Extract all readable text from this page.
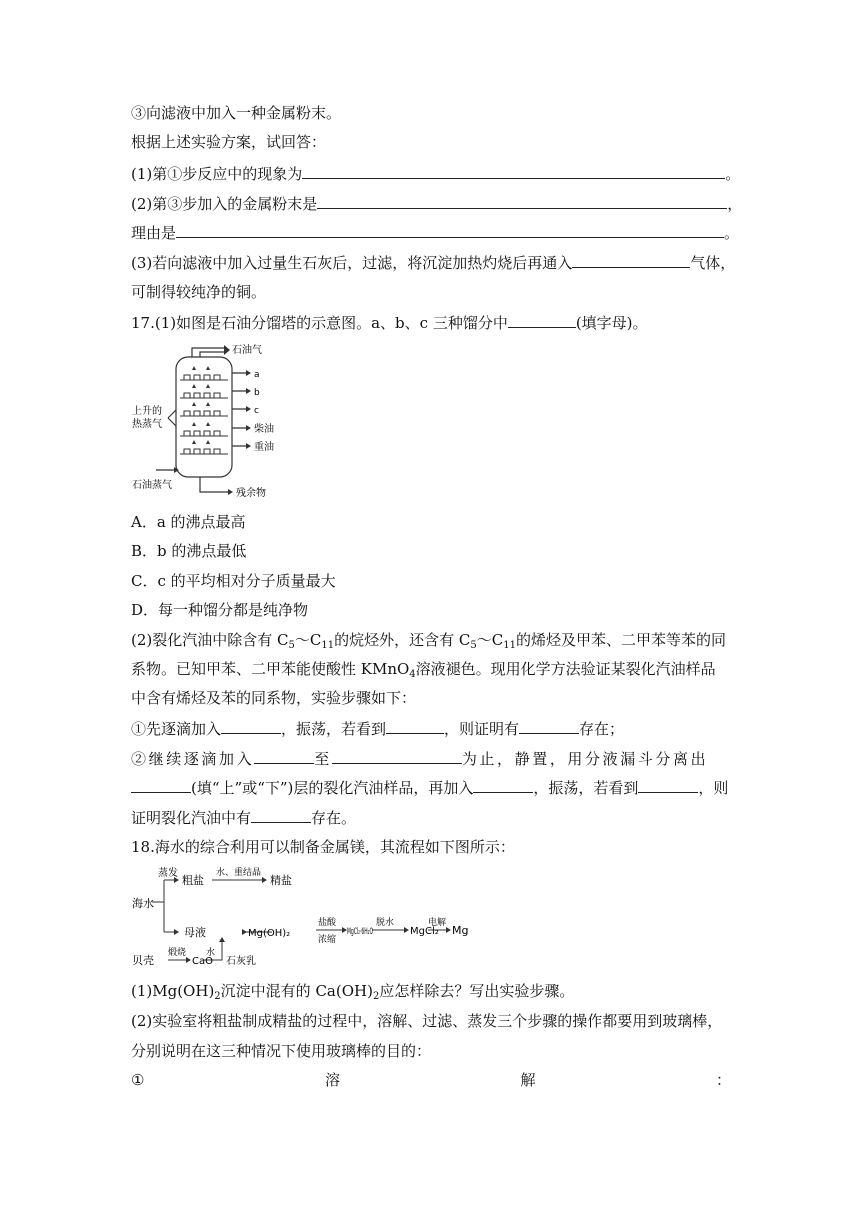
③向滤液中加入一种金属粉末。
根据上述实验方案，试回答：
(1)第①步反应中的现象为	。
(2)第③步加入的金属粉末是	，
理由是	。
(3)若向滤液中加入过量生石灰后，过滤，将沉淀加热灼烧后再通入	气体，
可制得较纯净的铜。
17.(1)如图是石油分馏塔的示意图。a、b、c 三种馏分中	(填字母)。
石油气
a
b
c
柴油
重油
上升的
热蒸气
石油蒸气
残余物
A．a 的沸点最高
B．b 的沸点最低
C．c 的平均相对分子质量最大
D．每一种馏分都是纯净物
(2)裂化汽油中除含有 $C_5\sim C_{11}$的烷烃外，还含有 $C_5\sim C_{11}$的烯烃及甲苯、二甲苯等苯的同
系物。已知甲苯、二甲苯能使酸性 KMnO$_4$溶液褪色。现用化学方法验证某裂化汽油样品
中含有烯烃及苯的同系物，实验步骤如下：
①先逐滴加入	，振荡，若看到	，则证明有	存在；
②继续逐滴加入	至	为止，静置，用分液漏斗分离出
(填“上”或“下”)层的裂化汽油样品，再加入	，振荡，若看到	，则
证明裂化汽油中有	存在。
18.海水的综合利用可以制备金属镁，其流程如下图所示：
海水
蒸发
粗盐
水、重结晶
精盐
母液	Mg(OH)₂
盐酸
浓缩
MgCl₂·6H₂O
脱水
MgCl₂
电解
Mg
贝壳
煅烧
CaO
水
石灰乳
$(1)Mg(OH)_2$沉淀中混有的 $Ca(OH)_2$应怎样除去？写出实验步骤。
(2)实验室将粗盐制成精盐的过程中，溶解、过滤、蒸发三个步骤的操作都要用到玻璃棒，
分别说明在这三种情况下使用玻璃棒的目的：
①	溶	解	：
